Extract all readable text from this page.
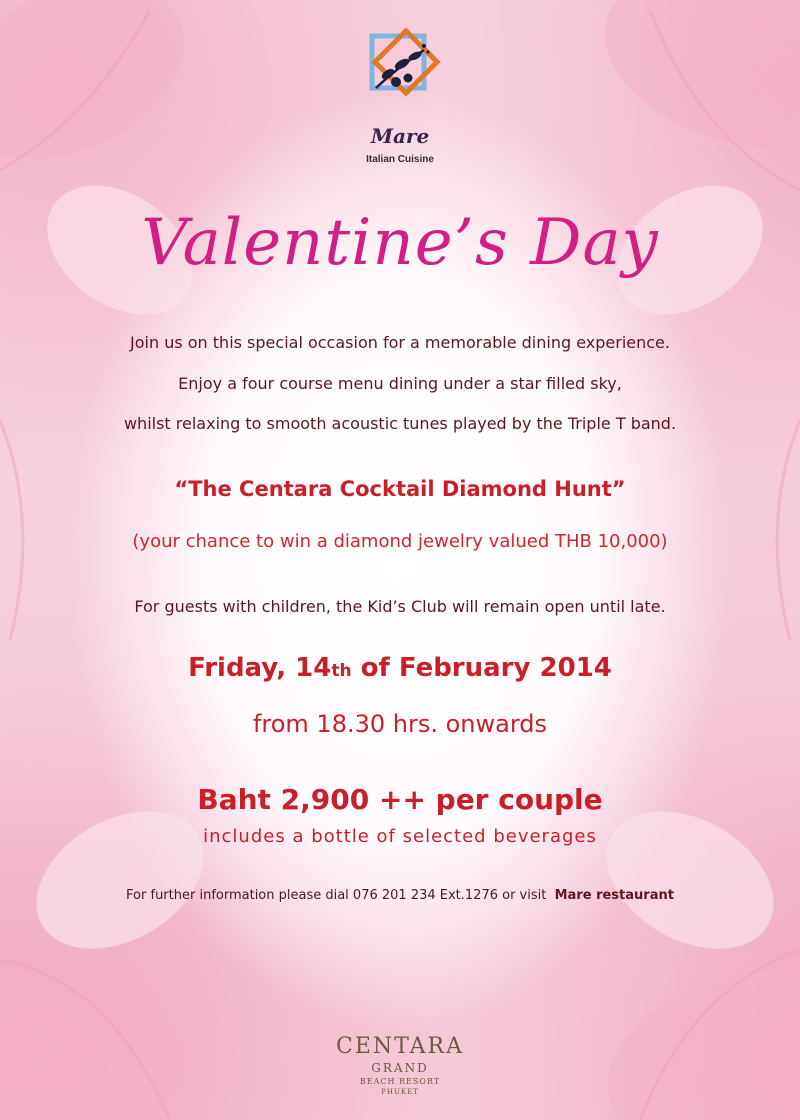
Mare
Italian Cuisine
Valentine’s Day
Join us on this special occasion for a memorable dining experience.
Enjoy a four course menu dining under a star filled sky,
whilst relaxing to smooth acoustic tunes played by the Triple T band.
“The Centara Cocktail Diamond Hunt”
(your chance to win a diamond jewelry valued THB 10,000)
For guests with children, the Kid’s Club will remain open until late.
Friday, 14th of February 2014
from 18.30 hrs. onwards
Baht 2,900 ++ per couple
includes a bottle of selected beverages
For further information please dial 076 201 234 Ext.1276 or visit Mare restaurant
CENTARA
GRAND
BEACH RESORT
PHUKET
